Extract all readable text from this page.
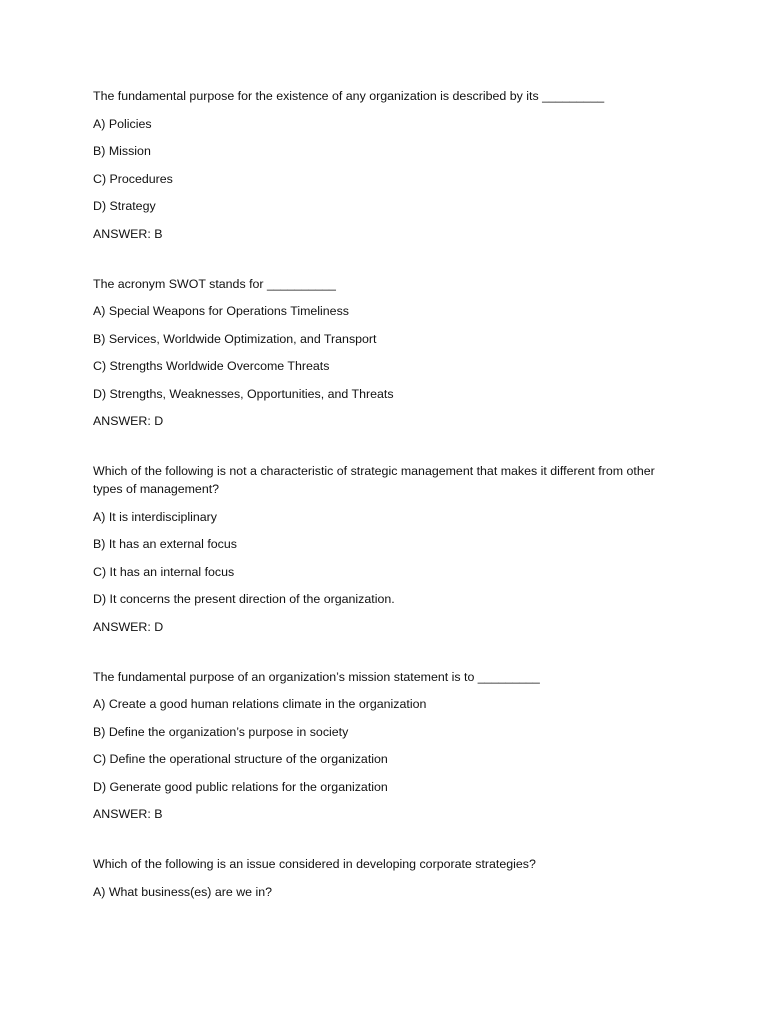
The fundamental purpose for the existence of any organization is described by its _________
A) Policies
B) Mission
C) Procedures
D) Strategy
ANSWER: B
The acronym SWOT stands for __________
A) Special Weapons for Operations Timeliness
B) Services, Worldwide Optimization, and Transport
C) Strengths Worldwide Overcome Threats
D) Strengths, Weaknesses, Opportunities, and Threats
ANSWER: D
Which of the following is not a characteristic of strategic management that makes it different from other types of management?
A) It is interdisciplinary
B) It has an external focus
C) It has an internal focus
D) It concerns the present direction of the organization.
ANSWER: D
The fundamental purpose of an organization’s mission statement is to _________
A) Create a good human relations climate in the organization
B) Define the organization’s purpose in society
C) Define the operational structure of the organization
D) Generate good public relations for the organization
ANSWER: B
Which of the following is an issue considered in developing corporate strategies?
A) What business(es) are we in?
